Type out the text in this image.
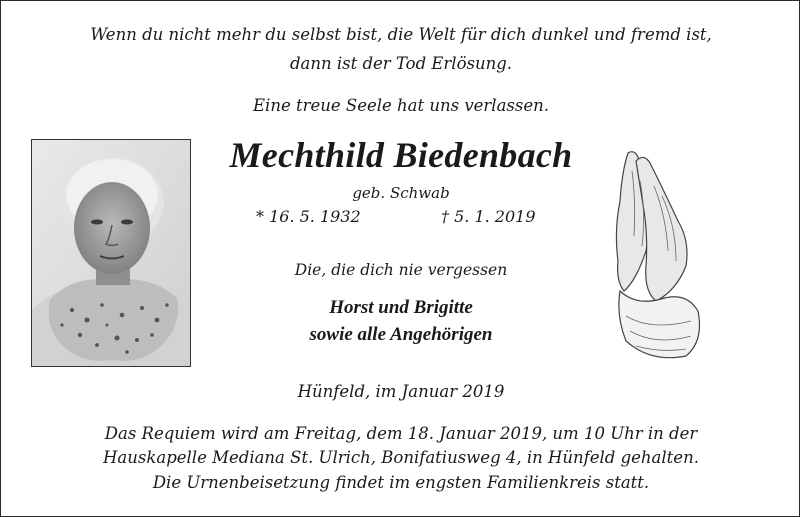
Wenn du nicht mehr du selbst bist, die Welt für dich dunkel und fremd ist,
dann ist der Tod Erlösung.
Eine treue Seele hat uns verlassen.
Mechthild Biedenbach
geb. Schwab
* 16. 5. 1932	† 5. 1. 2019
Die, die dich nie vergessen
Horst und Brigitte
sowie alle Angehörigen
Hünfeld, im Januar 2019
Das Requiem wird am Freitag, dem 18. Januar 2019, um 10 Uhr in der
Hauskapelle Mediana St. Ulrich, Bonifatiusweg 4, in Hünfeld gehalten.
Die Urnenbeisetzung findet im engsten Familienkreis statt.
